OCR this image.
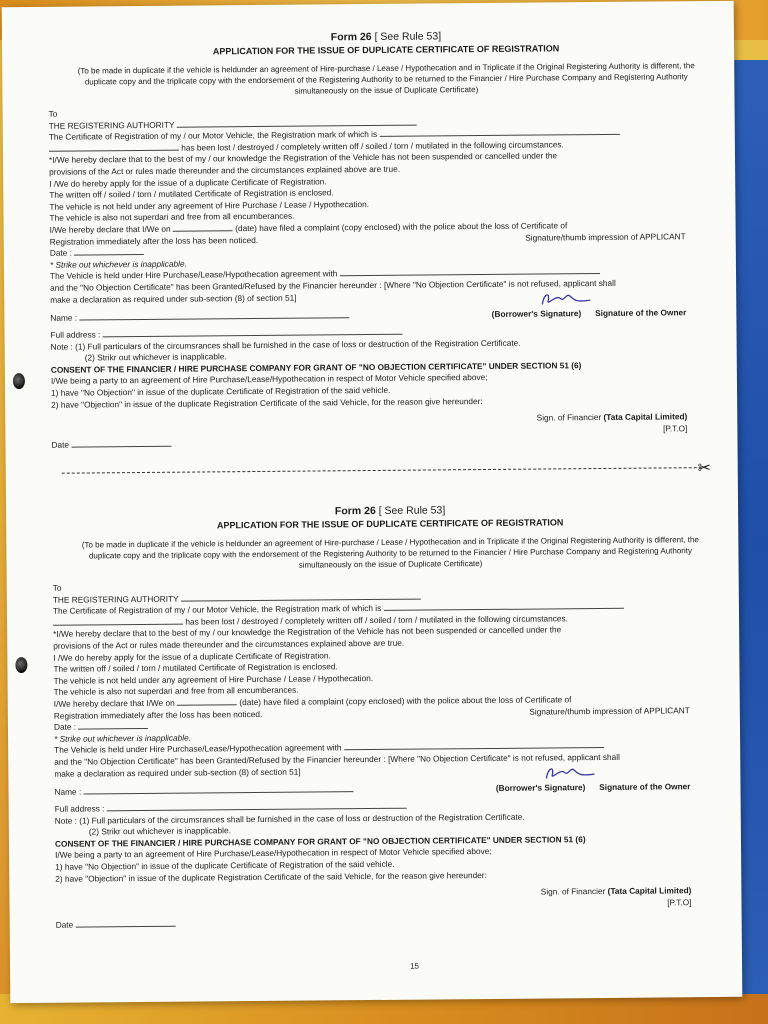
Form 26 [ See Rule 53]
APPLICATION FOR THE ISSUE OF DUPLICATE CERTIFICATE OF REGISTRATION
(To be made in duplicate if the vehicle is heldunder an agreement of Hire-purchase / Lease / Hypothecation and in Triplicate if the Original Registering Authority is different, the duplicate copy and the triplicate copy with the endorsement of the Registering Authority to be returned to the Financier / Hire Purchase Company and Registering Authority simultaneously on the issue of Duplicate Certificate)

To

THE REGISTERING AUTHORITY

The Certificate of Registration of my / our Motor Vehicle, the Registration mark of which is

has been lost / destroyed / completely written off / soiled / torn / mutilated in the following circumstances.

*I/We hereby declare that to the best of my / our knowledge the Registration of the Vehicle has not been suspended or cancelled under the

provisions of the Act or rules made thereunder and the circumstances explained above are true.

I /We do hereby apply for the issue of a duplicate Certificate of Registration.

The written off / soiled / torn / mutilated Certificate of Registration is enclosed.

The vehicle is not held under any agreement of Hire Purchase / Lease / Hypothecation.

The vehicle is also not superdari and free from all encumberances.

I/We hereby declare that I/We on	(date) have filed a complaint (copy enclosed) with the police about the loss of Certificate of

Registration immediately after the loss has been noticed.	Signature/thumb impression of APPLICANT

Date :

* Strike out whichever is inapplicable.

The Vehicle is held under Hire Purchase/Lease/Hypothecation agreement with

and the "No Objection Certificate" has been Granted/Refused by the Financier hereunder : [Where "No Objection Certificate" is not refused, applicant shall

make a declaration as required under sub-section (8) of section 51]
Name :	(Borrower's Signature) Signature of the Owner

Full address :

Note : (1) Full particulars of the circumsrances shall be furnished in the case of loss or destruction of the Registration Certificate.

(2) Strikr out whichever is inapplicable.

CONSENT OF THE FINANCIER / HIRE PURCHASE COMPANY FOR GRANT OF "NO OBJECTION CERTIFICATE" UNDER SECTION 51 (6)

I/We being a party to an agreement of Hire Purchase/Lease/Hypothecation in respect of Motor Vehicle specified above;

1) have "No Objection" in issue of the duplicate Certificate of Registration of the said vehicle.

2) have "Objection" in issue of the duplicate Registration Certificate of the said Vehicle, for the reason give hereunder:

Sign. of Financier (Tata Capital Limited)
[P.T.O]

Date

✂
Form 26 [ See Rule 53]
APPLICATION FOR THE ISSUE OF DUPLICATE CERTIFICATE OF REGISTRATION
(To be made in duplicate if the vehicle is heldunder an agreement of Hire-purchase / Lease / Hypothecation and in Triplicate if the Original Registering Authority is different, the duplicate copy and the triplicate copy with the endorsement of the Registering Authority to be returned to the Financier / Hire Purchase Company and Registering Authority simultaneously on the issue of Duplicate Certificate)

To

THE REGISTERING AUTHORITY

The Certificate of Registration of my / our Motor Vehicle, the Registration mark of which is

has been lost / destroyed / completely written off / soiled / torn / mutilated in the following circumstances.

*I/We hereby declare that to the best of my / our knowledge the Registration of the Vehicle has not been suspended or cancelled under the

provisions of the Act or rules made thereunder and the circumstances explained above are true.

I /We do hereby apply for the issue of a duplicate Certificate of Registration.

The written off / soiled / torn / mutilated Certificate of Registration is enclosed.

The vehicle is not held under any agreement of Hire Purchase / Lease / Hypothecation.

The vehicle is also not superdari and free from all encumberances.

I/We hereby declare that I/We on	(date) have filed a complaint (copy enclosed) with the police about the loss of Certificate of

Registration immediately after the loss has been noticed.	Signature/thumb impression of APPLICANT

Date :

* Strike out whichever is inapplicable.

The Vehicle is held under Hire Purchase/Lease/Hypothecation agreement with

and the "No Objection Certificate" has been Granted/Refused by the Financier hereunder : [Where "No Objection Certificate" is not refused, applicant shall

make a declaration as required under sub-section (8) of section 51]
Name :	(Borrower's Signature) Signature of the Owner

Full address :

Note : (1) Full particulars of the circumsrances shall be furnished in the case of loss or destruction of the Registration Certificate.

(2) Strikr out whichever is inapplicable.

CONSENT OF THE FINANCIER / HIRE PURCHASE COMPANY FOR GRANT OF "NO OBJECTION CERTIFICATE" UNDER SECTION 51 (6)

I/We being a party to an agreement of Hire Purchase/Lease/Hypothecation in respect of Motor Vehicle specified above;

1) have "No Objection" in issue of the duplicate Certificate of Registration of the said vehicle.

2) have "Objection" in issue of the duplicate Registration Certificate of the said Vehicle, for the reason give hereunder:

Sign. of Financier (Tata Capital Limited)
[P.T.O]

Date

15
